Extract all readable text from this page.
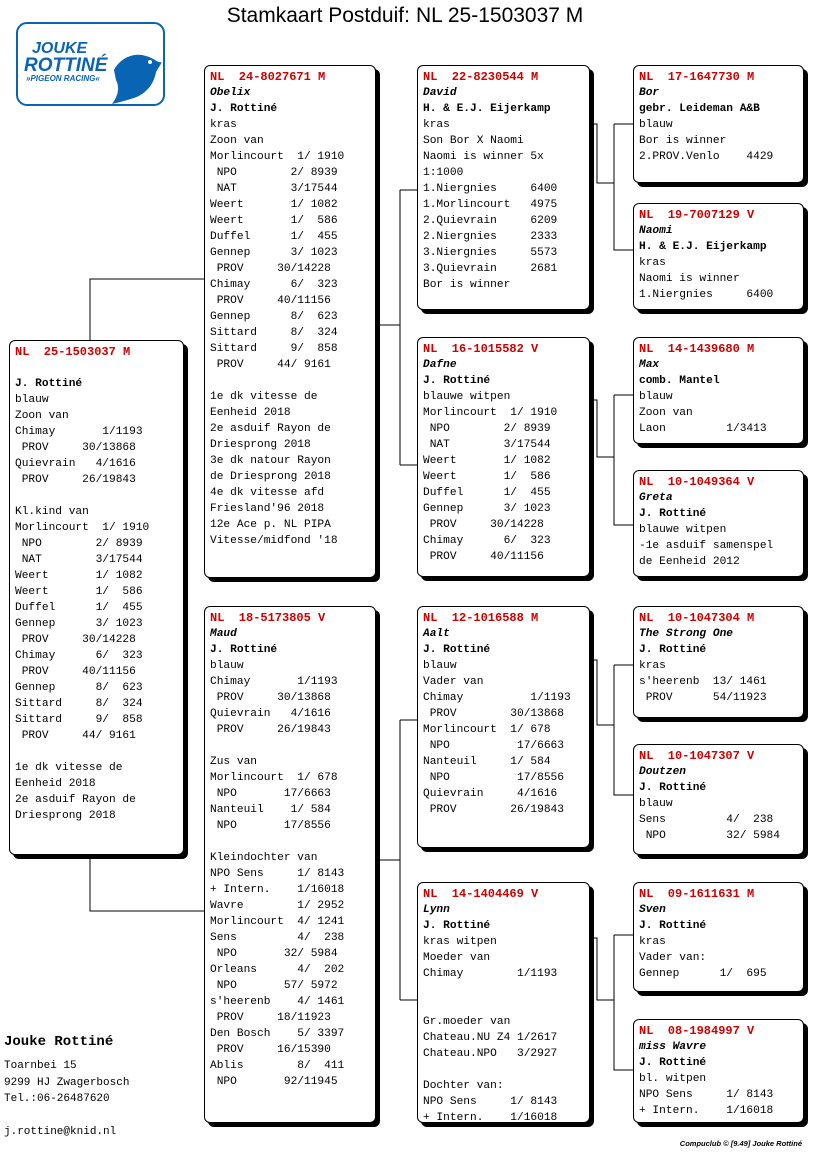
Stamkaart Postduif: NL 25-1503037 M
JOUKE
ROTTINÉ
»PIGEON RACING«
NL  25-1503037 M
J. Rottiné
blauw
Zoon van
Chimay       1/1193
PROV     30/13868
Quievrain   4/1616
PROV     26/19843
Kl.kind van
Morlincourt  1/ 1910
NPO        2/ 8939
NAT        3/17544
Weert       1/ 1082
Weert       1/  586
Duffel      1/  455
Gennep      3/ 1023
PROV     30/14228
Chimay      6/  323
PROV     40/11156
Gennep      8/  623
Sittard     8/  324
Sittard     9/  858
PROV     44/ 9161
1e dk vitesse de
Eenheid 2018
2e asduif Rayon de
Driesprong 2018
NL  24-8027671 M
Obelix
J. Rottiné
kras
Zoon van
Morlincourt  1/ 1910
NPO        2/ 8939
NAT        3/17544
Weert       1/ 1082
Weert       1/  586
Duffel      1/  455
Gennep      3/ 1023
PROV     30/14228
Chimay      6/  323
PROV     40/11156
Gennep      8/  623
Sittard     8/  324
Sittard     9/  858
PROV     44/ 9161
1e dk vitesse de
Eenheid 2018
2e asduif Rayon de
Driesprong 2018
3e dk natour Rayon
de Driesprong 2018
4e dk vitesse afd
Friesland'96 2018
12e Ace p. NL PIPA
Vitesse/midfond '18
NL  18-5173805 V
Maud
J. Rottiné
blauw
Chimay       1/1193
PROV     30/13868
Quievrain   4/1616
PROV     26/19843
Zus van
Morlincourt  1/ 678
NPO       17/6663
Nanteuil    1/ 584
NPO       17/8556
Kleindochter van
NPO Sens     1/ 8143
+ Intern.    1/16018
Wavre        1/ 2952
Morlincourt  4/ 1241
Sens         4/  238
NPO       32/ 5984
Orleans      4/  202
NPO       57/ 5972
s'heerenb    4/ 1461
PROV     18/11923
Den Bosch    5/ 3397
PROV     16/15390
Ablis        8/  411
NPO       92/11945
NL  22-8230544 M
David
H. & E.J. Eijerkamp
kras
Son Bor X Naomi
Naomi is winner 5x
1:1000
1.Niergnies     6400
1.Morlincourt   4975
2.Quievrain     6209
2.Niergnies     2333
3.Niergnies     5573
3.Quievrain     2681
Bor is winner
NL  16-1015582 V
Dafne
J. Rottiné
blauwe witpen
Morlincourt  1/ 1910
NPO        2/ 8939
NAT        3/17544
Weert       1/ 1082
Weert       1/  586
Duffel      1/  455
Gennep      3/ 1023
PROV     30/14228
Chimay      6/  323
PROV     40/11156
NL  12-1016588 M
Aalt
J. Rottiné
blauw
Vader van
Chimay          1/1193
PROV        30/13868
Morlincourt  1/ 678
NPO          17/6663
Nanteuil     1/ 584
NPO          17/8556
Quievrain     4/1616
PROV        26/19843
NL  14-1404469 V
Lynn
J. Rottiné
kras witpen
Moeder van
Chimay        1/1193
Gr.moeder van
Chateau.NU Z4 1/2617
Chateau.NPO   3/2927
Dochter van:
NPO Sens     1/ 8143
+ Intern.    1/16018
NL  17-1647730 M
Bor
gebr. Leideman A&B
blauw
Bor is winner
2.PROV.Venlo    4429
NL  19-7007129 V
Naomi
H. & E.J. Eijerkamp
kras
Naomi is winner
1.Niergnies     6400
NL  14-1439680 M
Max
comb. Mantel
blauw
Zoon van
Laon         1/3413
NL  10-1049364 V
Greta
J. Rottiné
blauwe witpen
-1e asduif samenspel
de Eenheid 2012
NL  10-1047304 M
The Strong One
J. Rottiné
kras
s'heerenb  13/ 1461
PROV      54/11923
NL  10-1047307 V
Doutzen
J. Rottiné
blauw
Sens         4/  238
NPO         32/ 5984
NL  09-1611631 M
Sven
J. Rottiné
kras
Vader van:
Gennep      1/  695
NL  08-1984997 V
miss Wavre
J. Rottiné
bl. witpen
NPO Sens     1/ 8143
+ Intern.    1/16018
Jouke Rottiné
Toarnbei 15
9299 HJ Zwagerbosch
Tel.:06-26487620
j.rottine@knid.nl
Compuclub © [9.49] Jouke Rottiné
